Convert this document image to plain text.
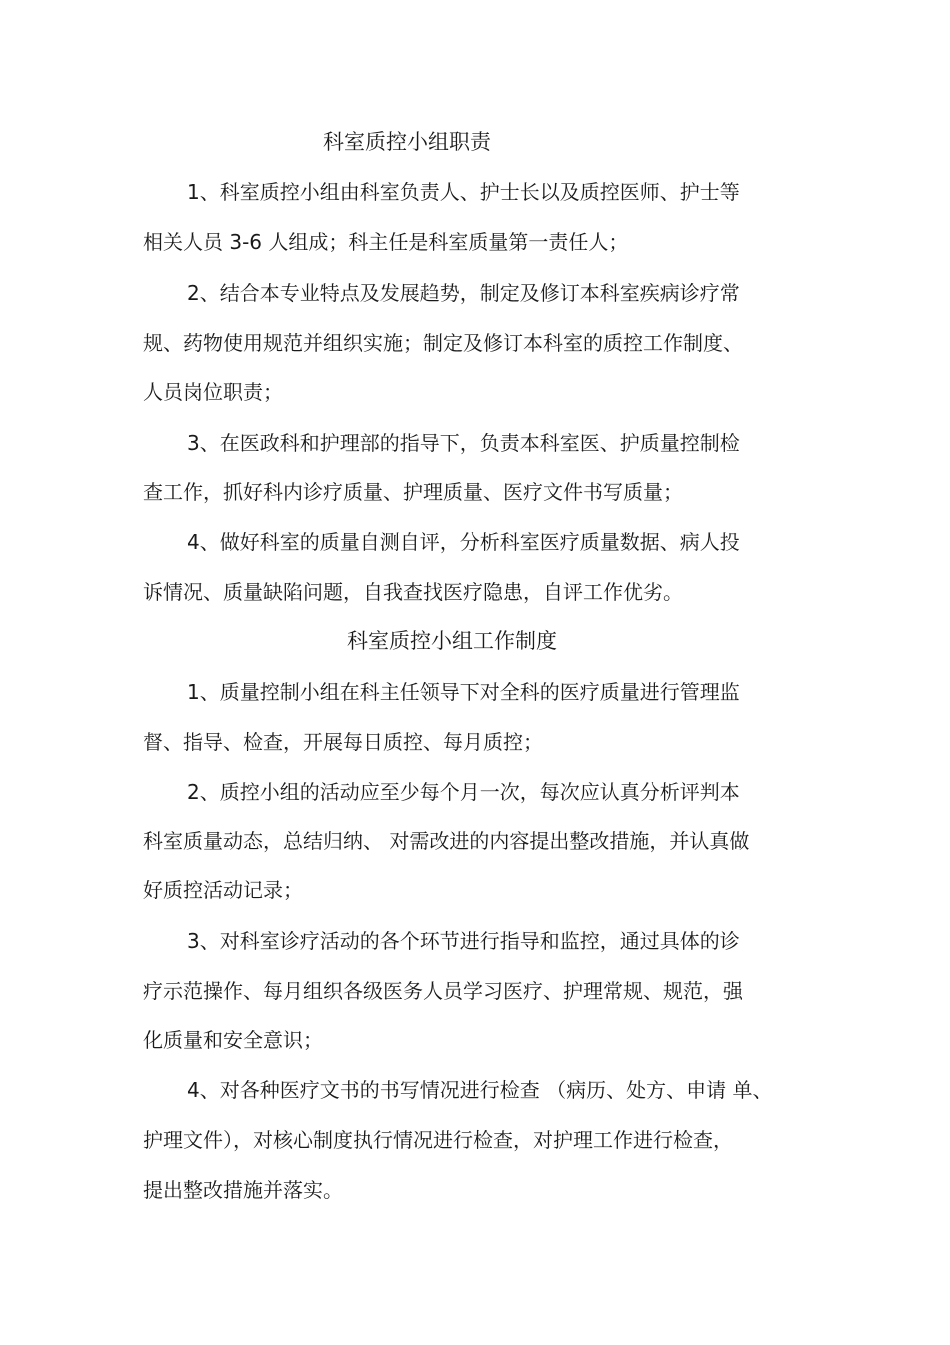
科室质控小组职责
1、科室质控小组由科室负责人、护士长以及质控医师、护士等
相关人员 3-6 人组成；科主任是科室质量第一责任人；
2、结合本专业特点及发展趋势，制定及修订本科室疾病诊疗常
规、药物使用规范并组织实施；制定及修订本科室的质控工作制度、
人员岗位职责；
3、在医政科和护理部的指导下，负责本科室医、护质量控制检
查工作，抓好科内诊疗质量、护理质量、医疗文件书写质量；
4、做好科室的质量自测自评，分析科室医疗质量数据、病人投
诉情况、质量缺陷问题，自我查找医疗隐患，自评工作优劣。
科室质控小组工作制度
1、质量控制小组在科主任领导下对全科的医疗质量进行管理监
督、指导、检查，开展每日质控、每月质控；
2、质控小组的活动应至少每个月一次，每次应认真分析评判本
科室质量动态，总结归纳、 对需改进的内容提出整改措施，并认真做
好质控活动记录；
3、对科室诊疗活动的各个环节进行指导和监控，通过具体的诊
疗示范操作、每月组织各级医务人员学习医疗、护理常规、规范，强
化质量和安全意识；
4、对各种医疗文书的书写情况进行检查 （病历、处方、申请 单、
护理文件），对核心制度执行情况进行检查，对护理工作进行检查，
提出整改措施并落实。
